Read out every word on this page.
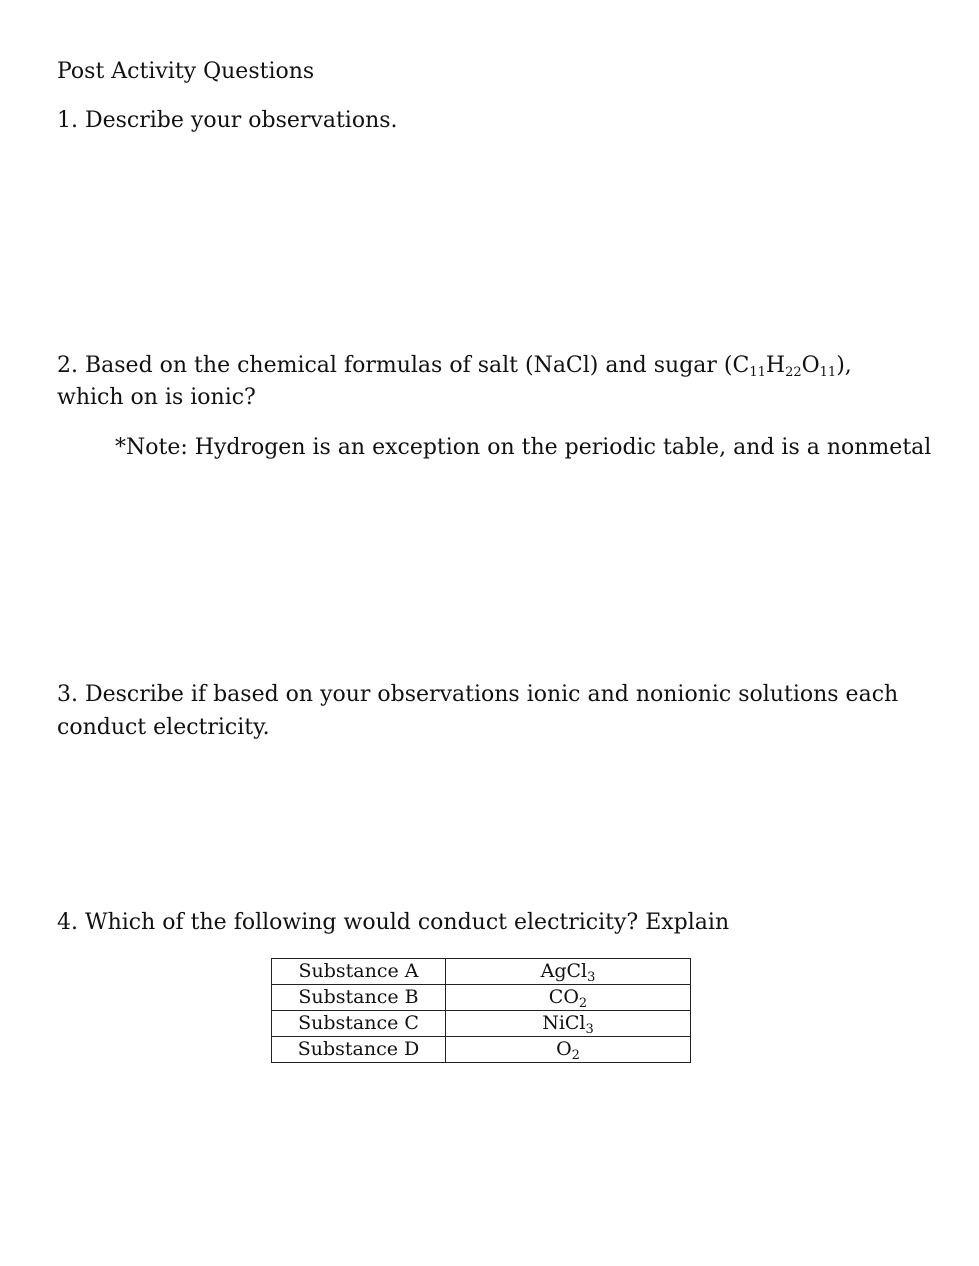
Post Activity Questions

1. Describe your observations.

2. Based on the chemical formulas of salt (NaCl) and sugar $(C_{11}H_{22}O_{11})$, which on is ionic?

*Note: Hydrogen is an exception on the periodic table, and is a nonmetal

3. Describe if based on your observations ionic and nonionic solutions each conduct electricity.

4. Which of the following would conduct electricity? Explain

Substance A	AgCl$_3$
Substance B	$CO_2$
Substance C	NiCl$_3$
Substance D	$O_2$
